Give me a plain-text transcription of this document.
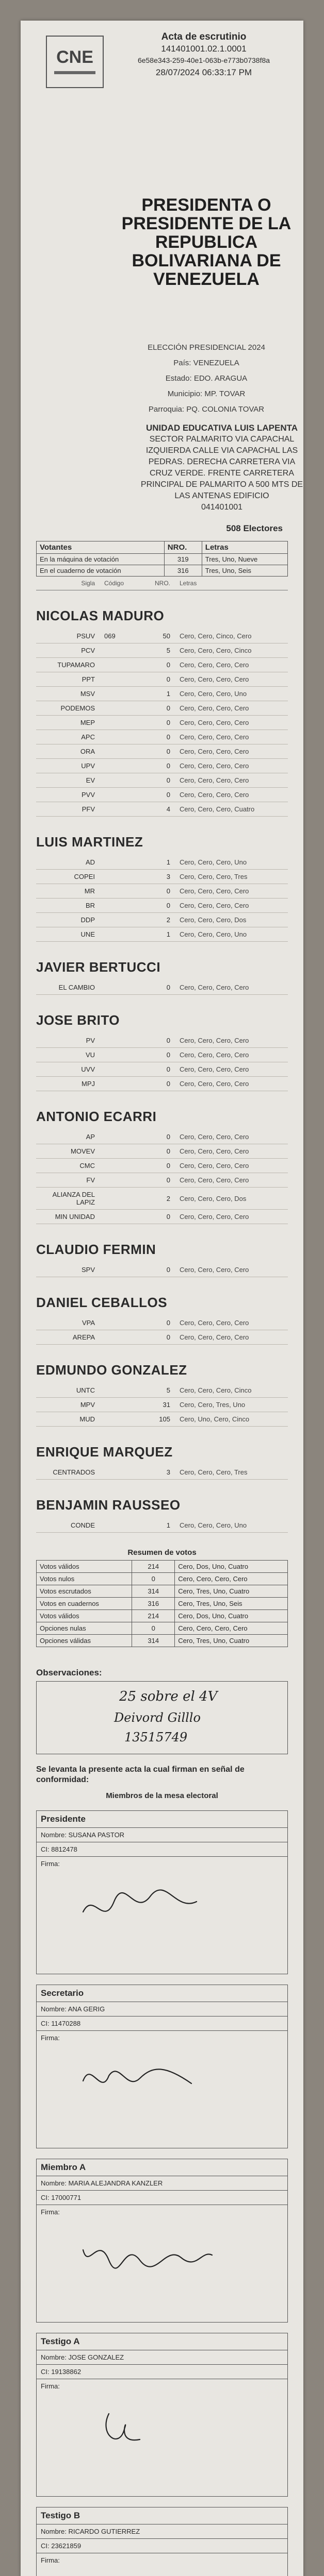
CNE
Acta de escrutinio
141401001.02.1.0001
6e58e343-259-40e1-063b-e773b0738f8a
28/07/2024 06:33:17 PM
PRESIDENTA O PRESIDENTE DE LA REPUBLICA BOLIVARIANA DE VENEZUELA
ELECCIÓN PRESIDENCIAL 2024
País: VENEZUELA
Estado: EDO. ARAGUA
Municipio: MP. TOVAR
Parroquia: PQ. COLONIA TOVAR
UNIDAD EDUCATIVA LUIS LAPENTA
SECTOR PALMARITO VIA CAPACHAL IZQUIERDA CALLE VIA CAPACHAL LAS PEDRAS. DERECHA CARRETERA VIA CRUZ VERDE. FRENTE CARRETERA PRINCIPAL DE PALMARITO A 500 MTS DE LAS ANTENAS EDIFICIO
041401001
508 Electores
Votantes	NRO.	Letras
En la máquina de votación	319	Tres, Uno, Nueve
En el cuaderno de votación	316	Tres, Uno, Seis
Sigla	Código	NRO.	Letras
NICOLAS MADURO
PSUV	069	50	Cero, Cero, Cinco, Cero
PCV		5	Cero, Cero, Cero, Cinco
TUPAMARO		0	Cero, Cero, Cero, Cero
PPT		0	Cero, Cero, Cero, Cero
MSV		1	Cero, Cero, Cero, Uno
PODEMOS		0	Cero, Cero, Cero, Cero
MEP		0	Cero, Cero, Cero, Cero
APC		0	Cero, Cero, Cero, Cero
ORA		0	Cero, Cero, Cero, Cero
UPV		0	Cero, Cero, Cero, Cero
EV		0	Cero, Cero, Cero, Cero
PVV		0	Cero, Cero, Cero, Cero
PFV		4	Cero, Cero, Cero, Cuatro
LUIS MARTINEZ
AD		1	Cero, Cero, Cero, Uno
COPEI		3	Cero, Cero, Cero, Tres
MR		0	Cero, Cero, Cero, Cero
BR		0	Cero, Cero, Cero, Cero
DDP		2	Cero, Cero, Cero, Dos
UNE		1	Cero, Cero, Cero, Uno
JAVIER BERTUCCI
EL CAMBIO		0	Cero, Cero, Cero, Cero
JOSE BRITO
PV		0	Cero, Cero, Cero, Cero
VU		0	Cero, Cero, Cero, Cero
UVV		0	Cero, Cero, Cero, Cero
MPJ		0	Cero, Cero, Cero, Cero
ANTONIO ECARRI
AP		0	Cero, Cero, Cero, Cero
MOVEV		0	Cero, Cero, Cero, Cero
CMC		0	Cero, Cero, Cero, Cero
FV		0	Cero, Cero, Cero, Cero
ALIANZA DEL LAPIZ		2	Cero, Cero, Cero, Dos
MIN UNIDAD		0	Cero, Cero, Cero, Cero
CLAUDIO FERMIN
SPV		0	Cero, Cero, Cero, Cero
DANIEL CEBALLOS
VPA		0	Cero, Cero, Cero, Cero
AREPA		0	Cero, Cero, Cero, Cero
EDMUNDO GONZALEZ
UNTC		5	Cero, Cero, Cero, Cinco
MPV		31	Cero, Cero, Tres, Uno
MUD		105	Cero, Uno, Cero, Cinco
ENRIQUE MARQUEZ
CENTRADOS		3	Cero, Cero, Cero, Tres
BENJAMIN RAUSSEO
CONDE		1	Cero, Cero, Cero, Uno
Resumen de votos
Votos válidos	214	Cero, Dos, Uno, Cuatro
Votos nulos	0	Cero, Cero, Cero, Cero
Votos escrutados	314	Cero, Tres, Uno, Cuatro
Votos en cuadernos	316	Cero, Tres, Uno, Seis
Votos válidos	214	Cero, Dos, Uno, Cuatro
Opciones nulas	0	Cero, Cero, Cero, Cero
Opciones válidas	314	Cero, Tres, Uno, Cuatro
Observaciones:
25 sobre el 4V
Deivord Gilllo
13515749
Se levanta la presente acta la cual firman en señal de conformidad:
Miembros de la mesa electoral
Presidente
Nombre: SUSANA PASTOR
CI: 8812478
Firma:
Secretario
Nombre: ANA GERIG
CI: 11470288
Firma:
Miembro A
Nombre: MARIA ALEJANDRA KANZLER
CI: 17000771
Firma:
Testigo A
Nombre: JOSE GONZALEZ
CI: 19138862
Firma:
Testigo B
Nombre: RICARDO GUTIERREZ
CI: 23621859
Firma:
